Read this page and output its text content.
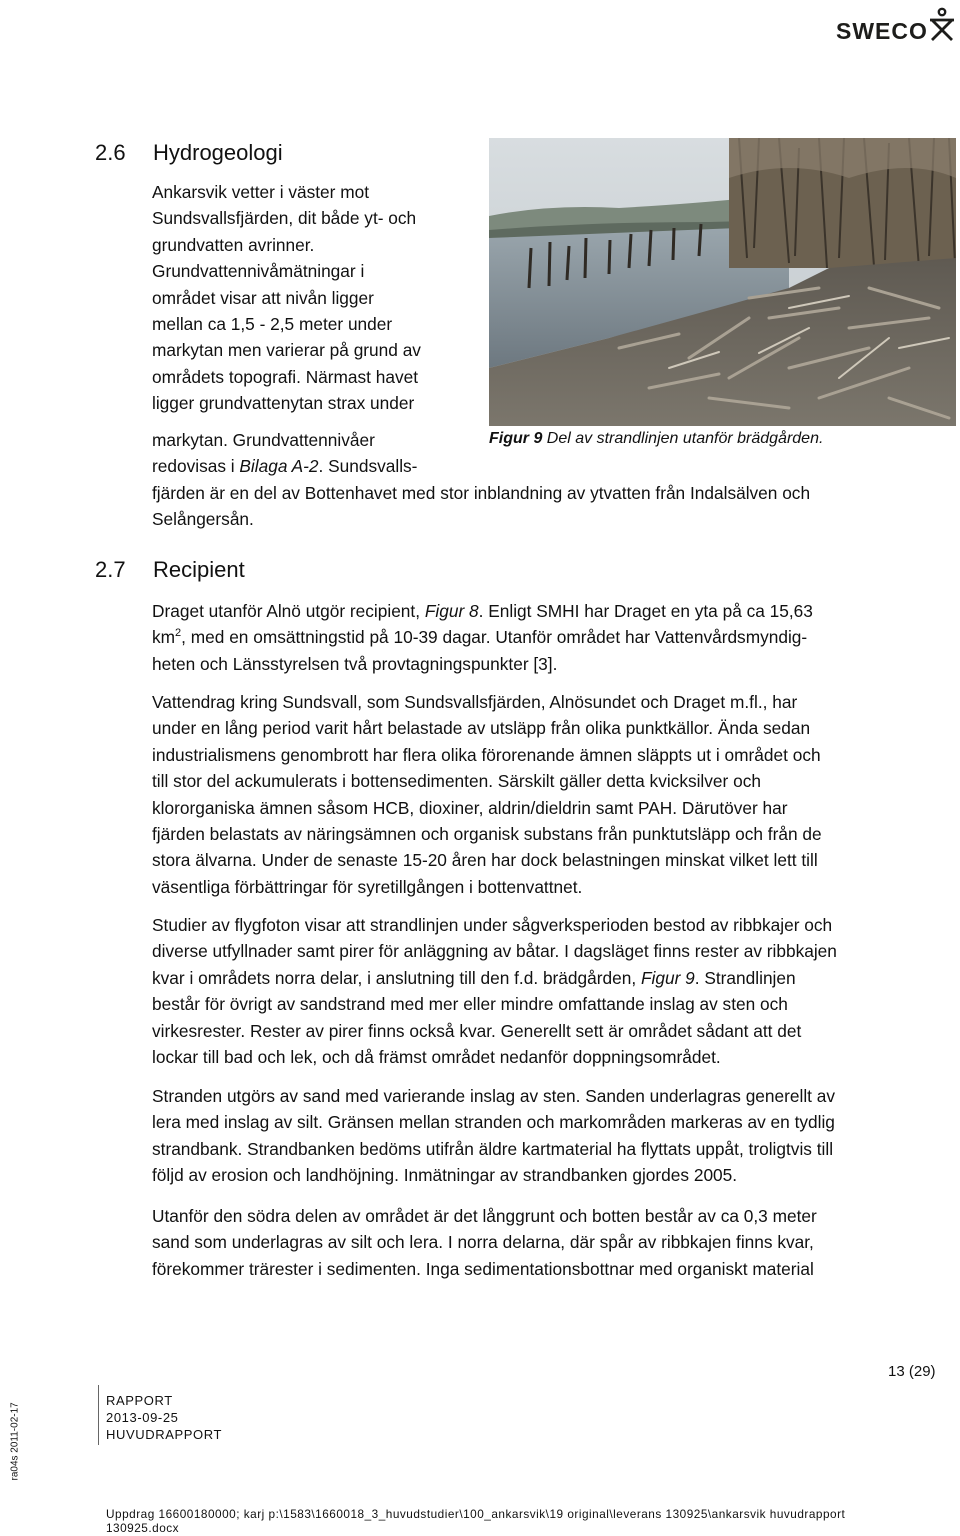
SWECO
2.6 Hydrogeologi
Ankarsvik vetter i väster mot
Sundsvallsfjärden, dit både yt- och
grundvatten avrinner.
Grundvattennivåmätningar i
området visar att nivån ligger
mellan ca 1,5 - 2,5 meter under
markytan men varierar på grund av
områdets topografi. Närmast havet
ligger grundvattenytan strax under
markytan. Grundvattennivåer
redovisas i Bilaga A-2. Sundsvalls-
fjärden är en del av Bottenhavet med stor inblandning av ytvatten från Indalsälven och
Selångersån.
Figur 9 Del av strandlinjen utanför brädgården.
2.7 Recipient
Draget utanför Alnö utgör recipient, Figur 8. Enligt SMHI har Draget en yta på ca 15,63
$km^2$, med en omsättningstid på 10-39 dagar. Utanför området har Vattenvårdsmyndig-
heten och Länsstyrelsen två provtagningspunkter [3].
Vattendrag kring Sundsvall, som Sundsvallsfjärden, Alnösundet och Draget m.fl., har
under en lång period varit hårt belastade av utsläpp från olika punktkällor. Ända sedan
industrialismens genombrott har flera olika förorenande ämnen släppts ut i området och
till stor del ackumulerats i bottensedimenten. Särskilt gäller detta kvicksilver och
klororganiska ämnen såsom HCB, dioxiner, aldrin/dieldrin samt PAH. Därutöver har
fjärden belastats av näringsämnen och organisk substans från punktutsläpp och från de
stora älvarna. Under de senaste 15-20 åren har dock belastningen minskat vilket lett till
väsentliga förbättringar för syretillgången i bottenvattnet.
Studier av flygfoton visar att strandlinjen under sågverksperioden bestod av ribbkajer och
diverse utfyllnader samt pirer för anläggning av båtar. I dagsläget finns rester av ribbkajen
kvar i områdets norra delar, i anslutning till den f.d. brädgården, Figur 9. Strandlinjen
består för övrigt av sandstrand med mer eller mindre omfattande inslag av sten och
virkesrester. Rester av pirer finns också kvar. Generellt sett är området sådant att det
lockar till bad och lek, och då främst området nedanför doppningsområdet.
Stranden utgörs av sand med varierande inslag av sten. Sanden underlagras generellt av
lera med inslag av silt. Gränsen mellan stranden och markområden markeras av en tydlig
strandbank. Strandbanken bedöms utifrån äldre kartmaterial ha flyttats uppåt, troligtvis till
följd av erosion och landhöjning. Inmätningar av strandbanken gjordes 2005.
Utanför den södra delen av området är det långgrunt och botten består av ca 0,3 meter
sand som underlagras av silt och lera. I norra delarna, där spår av ribbkajen finns kvar,
förekommer trärester i sedimenten. Inga sedimentationsbottnar med organiskt material
13 (29)
RAPPORT
2013-09-25
HUVUDRAPPORT
ra04s 2011-02-17
Uppdrag 16600180000; karj p:\1583\1660018_3_huvudstudier\100_ankarsvik\19 original\leverans 130925\ankarsvik huvudrapport
130925.docx
